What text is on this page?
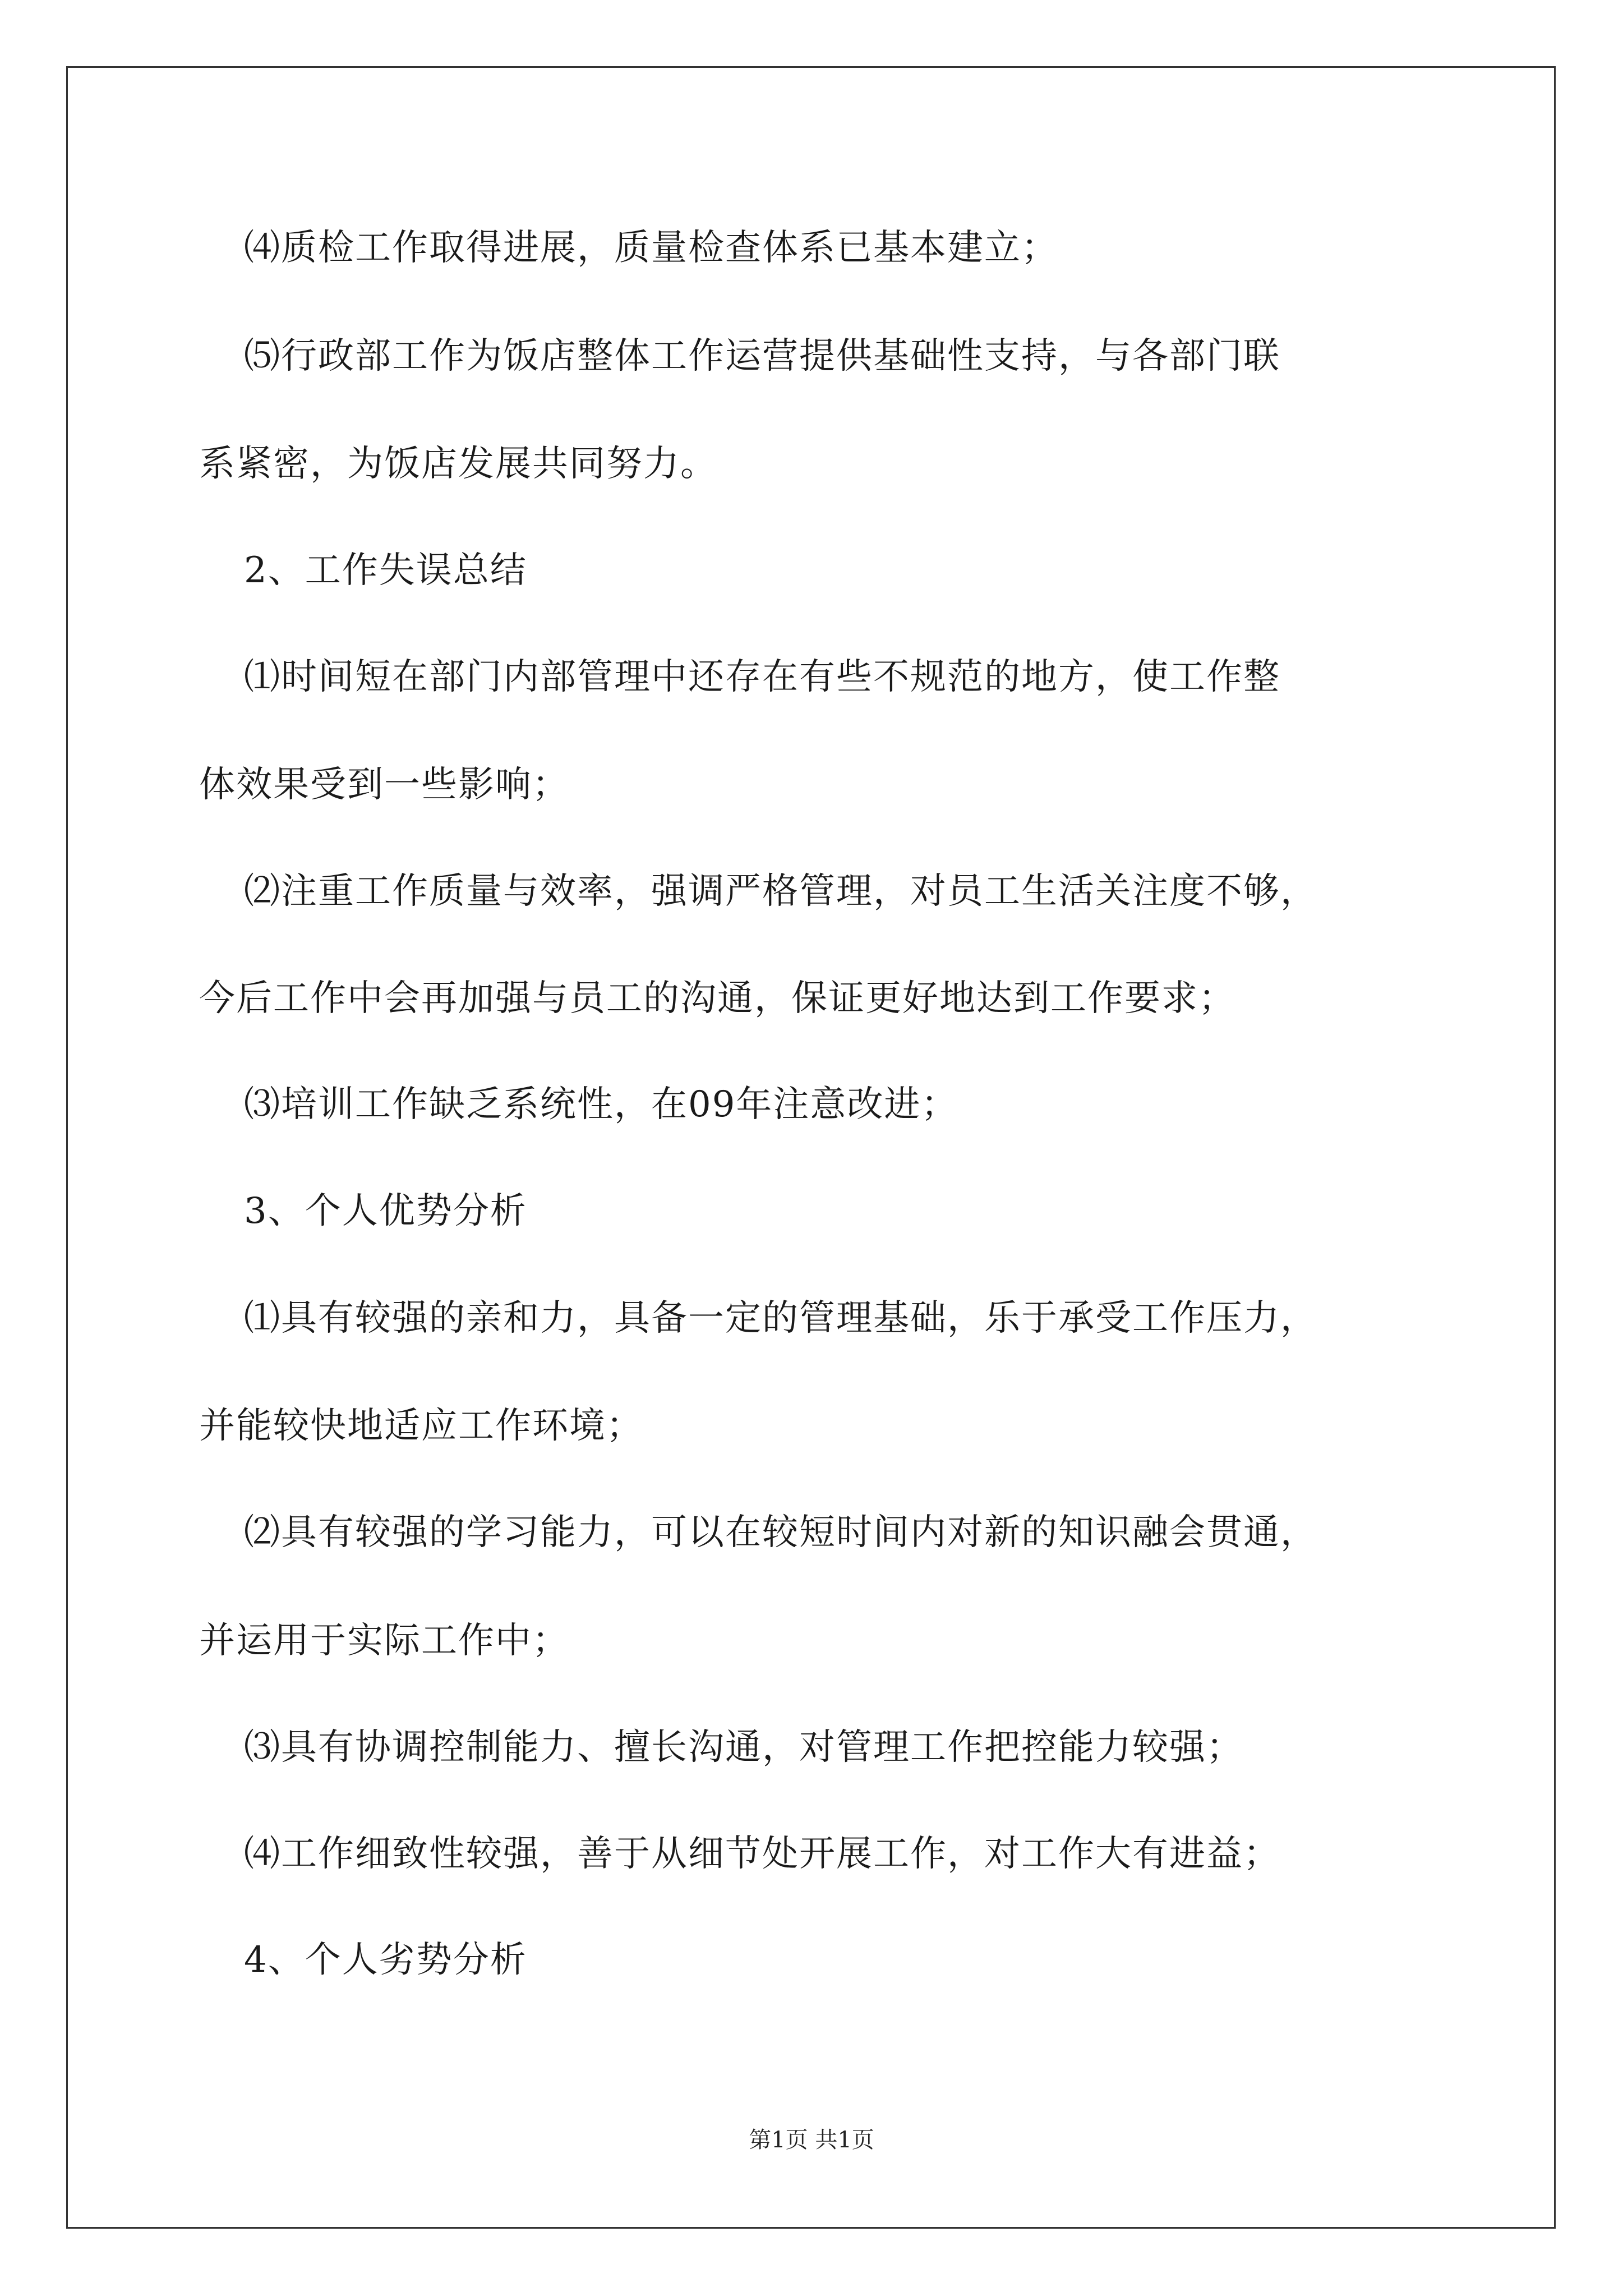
⑷质检工作取得进展，质量检查体系已基本建立；
⑸行政部工作为饭店整体工作运营提供基础性支持，与各部门联
系紧密，为饭店发展共同努力。
2、工作失误总结
⑴时间短在部门内部管理中还存在有些不规范的地方，使工作整
体效果受到一些影响；
⑵注重工作质量与效率，强调严格管理，对员工生活关注度不够，
今后工作中会再加强与员工的沟通，保证更好地达到工作要求；
⑶培训工作缺乏系统性，在09年注意改进；
3、个人优势分析
⑴具有较强的亲和力，具备一定的管理基础，乐于承受工作压力，
并能较快地适应工作环境；
⑵具有较强的学习能力，可以在较短时间内对新的知识融会贯通，
并运用于实际工作中；
⑶具有协调控制能力、擅长沟通，对管理工作把控能力较强；
⑷工作细致性较强，善于从细节处开展工作，对工作大有进益；
4、个人劣势分析
第1页 共1页
